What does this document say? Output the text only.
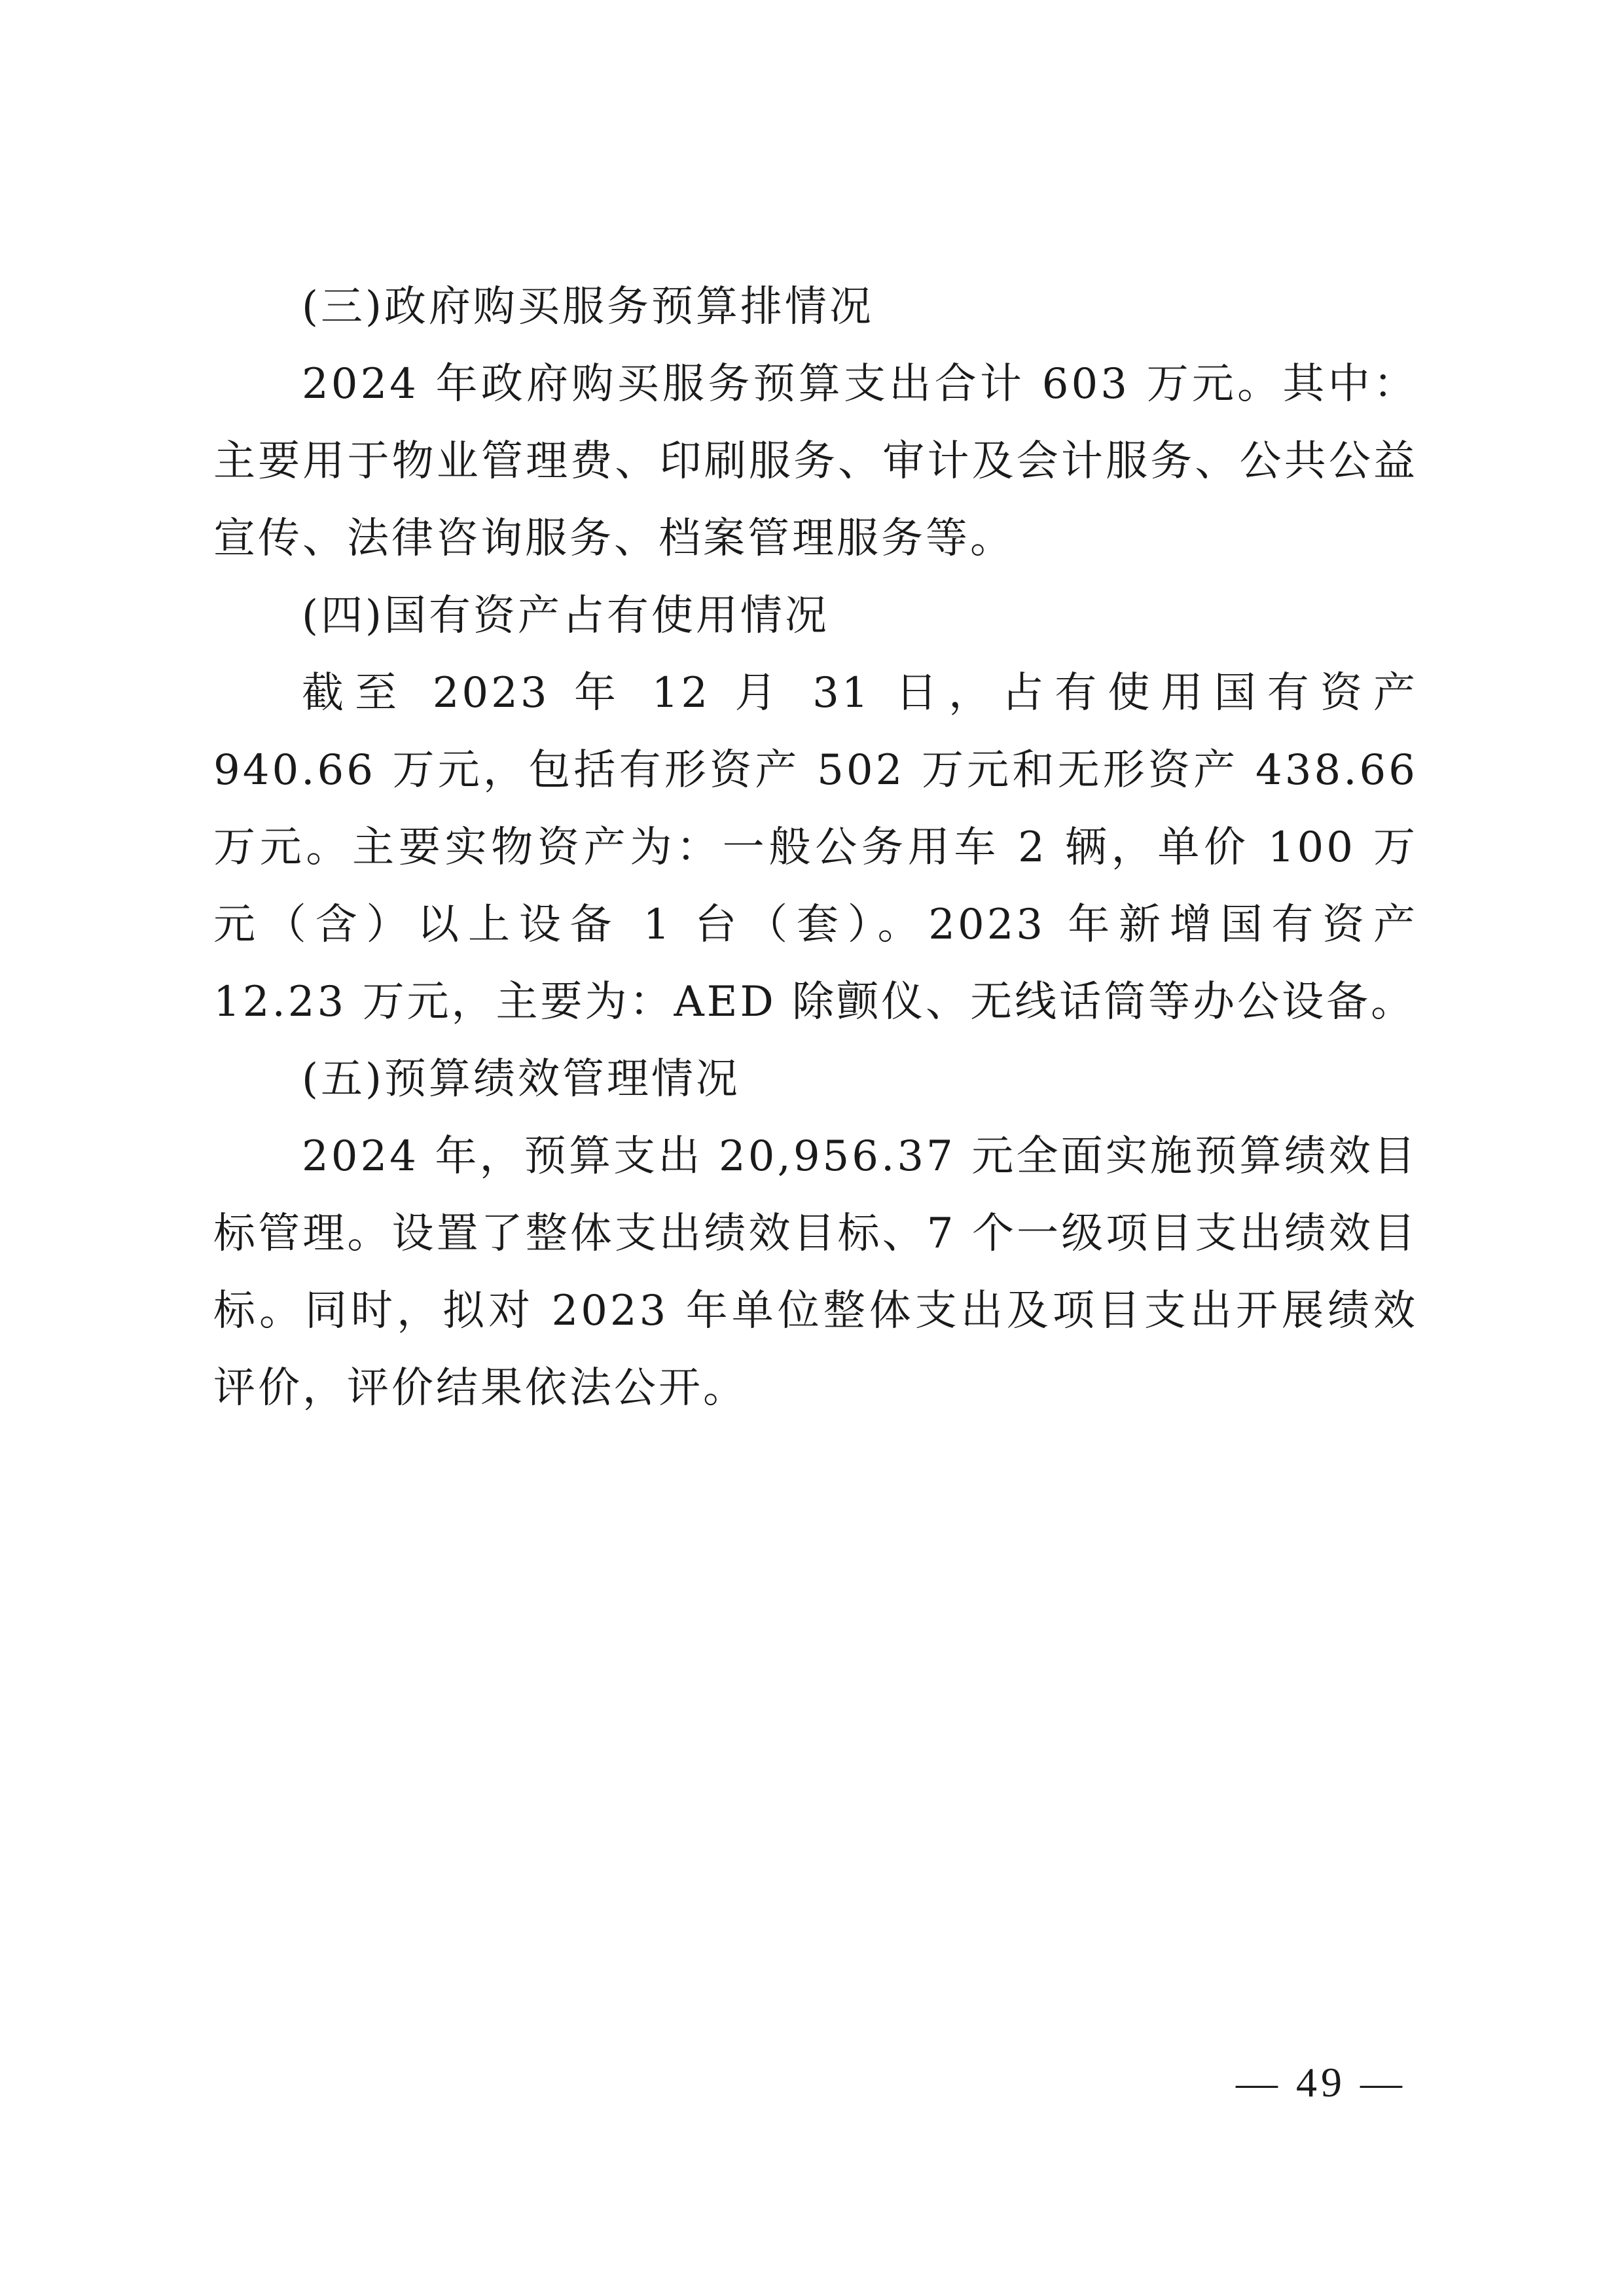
(三)政府购买服务预算排情况

2024 年政府购买服务预算支出合计 603 万元。其中：主要用于物业管理费、印刷服务、审计及会计服务、公共公益宣传、法律咨询服务、档案管理服务等。

(四)国有资产占有使用情况

截至 2023 年 12 月 31 日，占有使用国有资产 940.66 万元，包括有形资产 502 万元和无形资产 438.66 万元。主要实物资产为：一般公务用车 2 辆，单价 100 万元（含）以上设备 1 台（套）。2023 年新增国有资产 12.23 万元，主要为：AED 除颤仪、无线话筒等办公设备。

(五)预算绩效管理情况

2024 年，预算支出 20,956.37 元全面实施预算绩效目标管理。设置了整体支出绩效目标、7 个一级项目支出绩效目标。同时，拟对 2023 年单位整体支出及项目支出开展绩效评价，评价结果依法公开。

— 49 —
